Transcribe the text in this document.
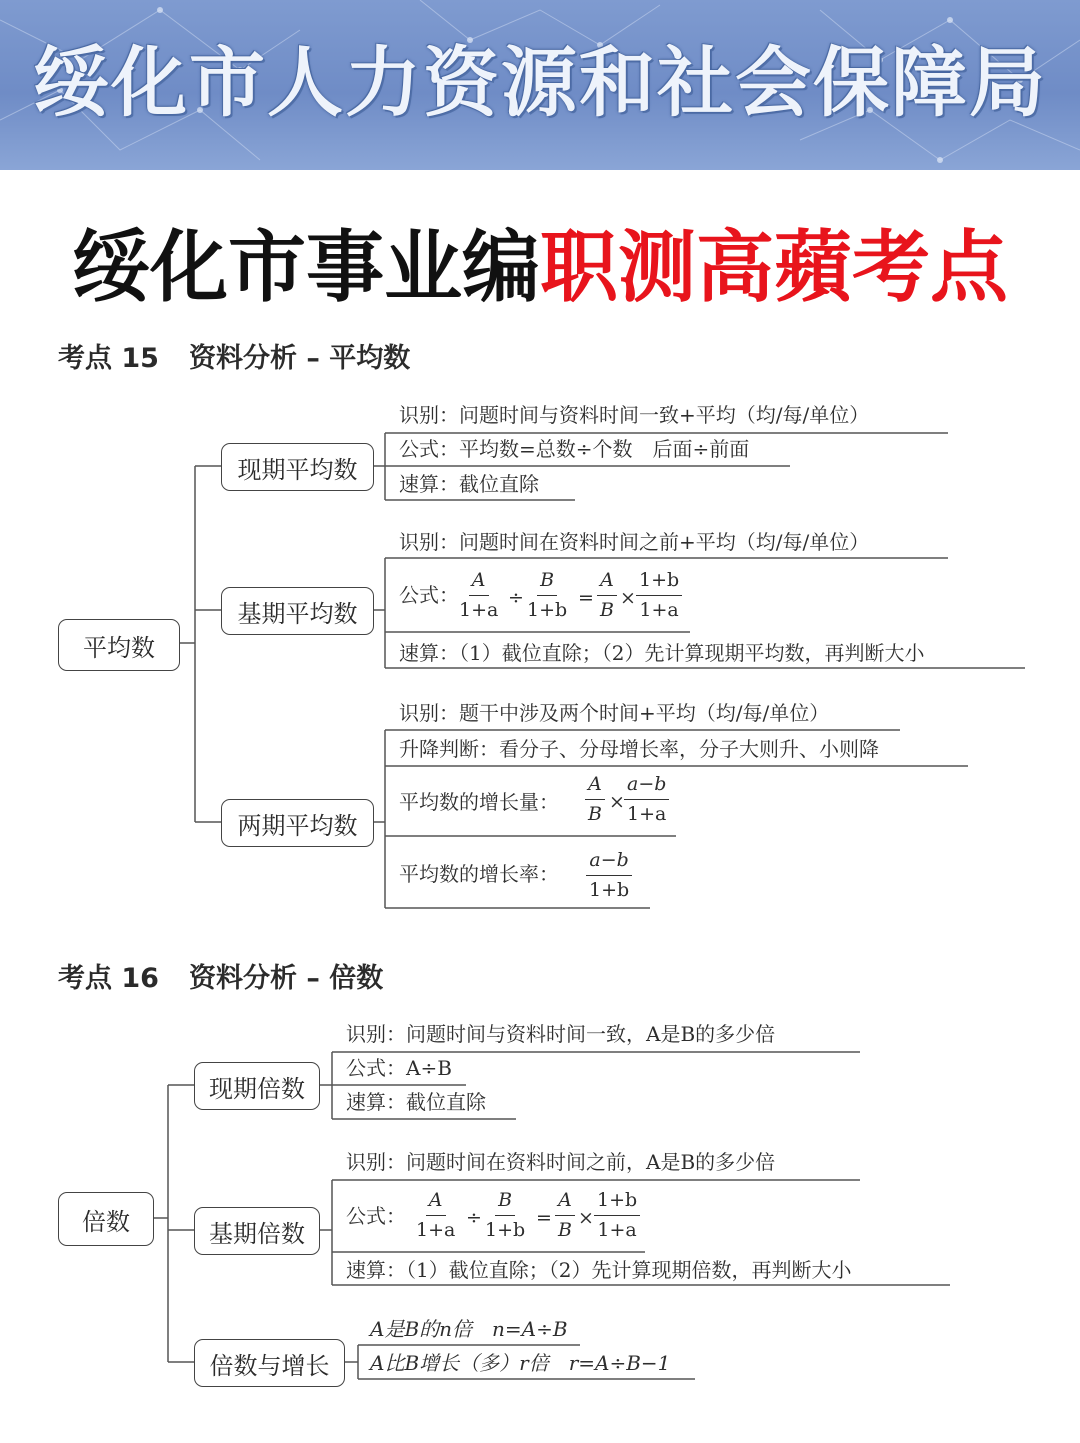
绥化市人力资源和社会保障局
绥化市事业编职测高蘋考点
考点 15 资料分析 – 平均数
平均数
现期平均数
基期平均数
两期平均数
识别：问题时间与资料时间一致+平均（均/每/单位）
公式：平均数=总数÷个数　后面÷前面
速算：截位直除
识别：问题时间在资料时间之前+平均（均/每/单位）
公式：
$\frac{A}{1+a} \div \frac{B}{1+b} = \frac{A}{B} \times \frac{1+b}{1+a}$
速算：（1）截位直除；（2）先计算现期平均数，再判断大小
识别：题干中涉及两个时间+平均（均/每/单位）
升降判断：看分子、分母增长率，分子大则升、小则降
平均数的增长量： $\frac{A}{B} \times \frac{a-b}{1+a}$
平均数的增长率： $\frac{a-b}{1+b}$
考点 16 资料分析 – 倍数
倍数
现期倍数
基期倍数
倍数与增长
识别：问题时间与资料时间一致，A是B的多少倍
公式：A÷B
速算：截位直除
识别：问题时间在资料时间之前，A是B的多少倍
公式： $\frac{A}{1+a} \div \frac{B}{1+b} = \frac{A}{B} \times \frac{1+b}{1+a}$
速算：（1）截位直除；（2）先计算现期倍数，再判断大小
A是B的n倍　n=A÷B
A比B增长（多）r倍　r=A÷B−1
